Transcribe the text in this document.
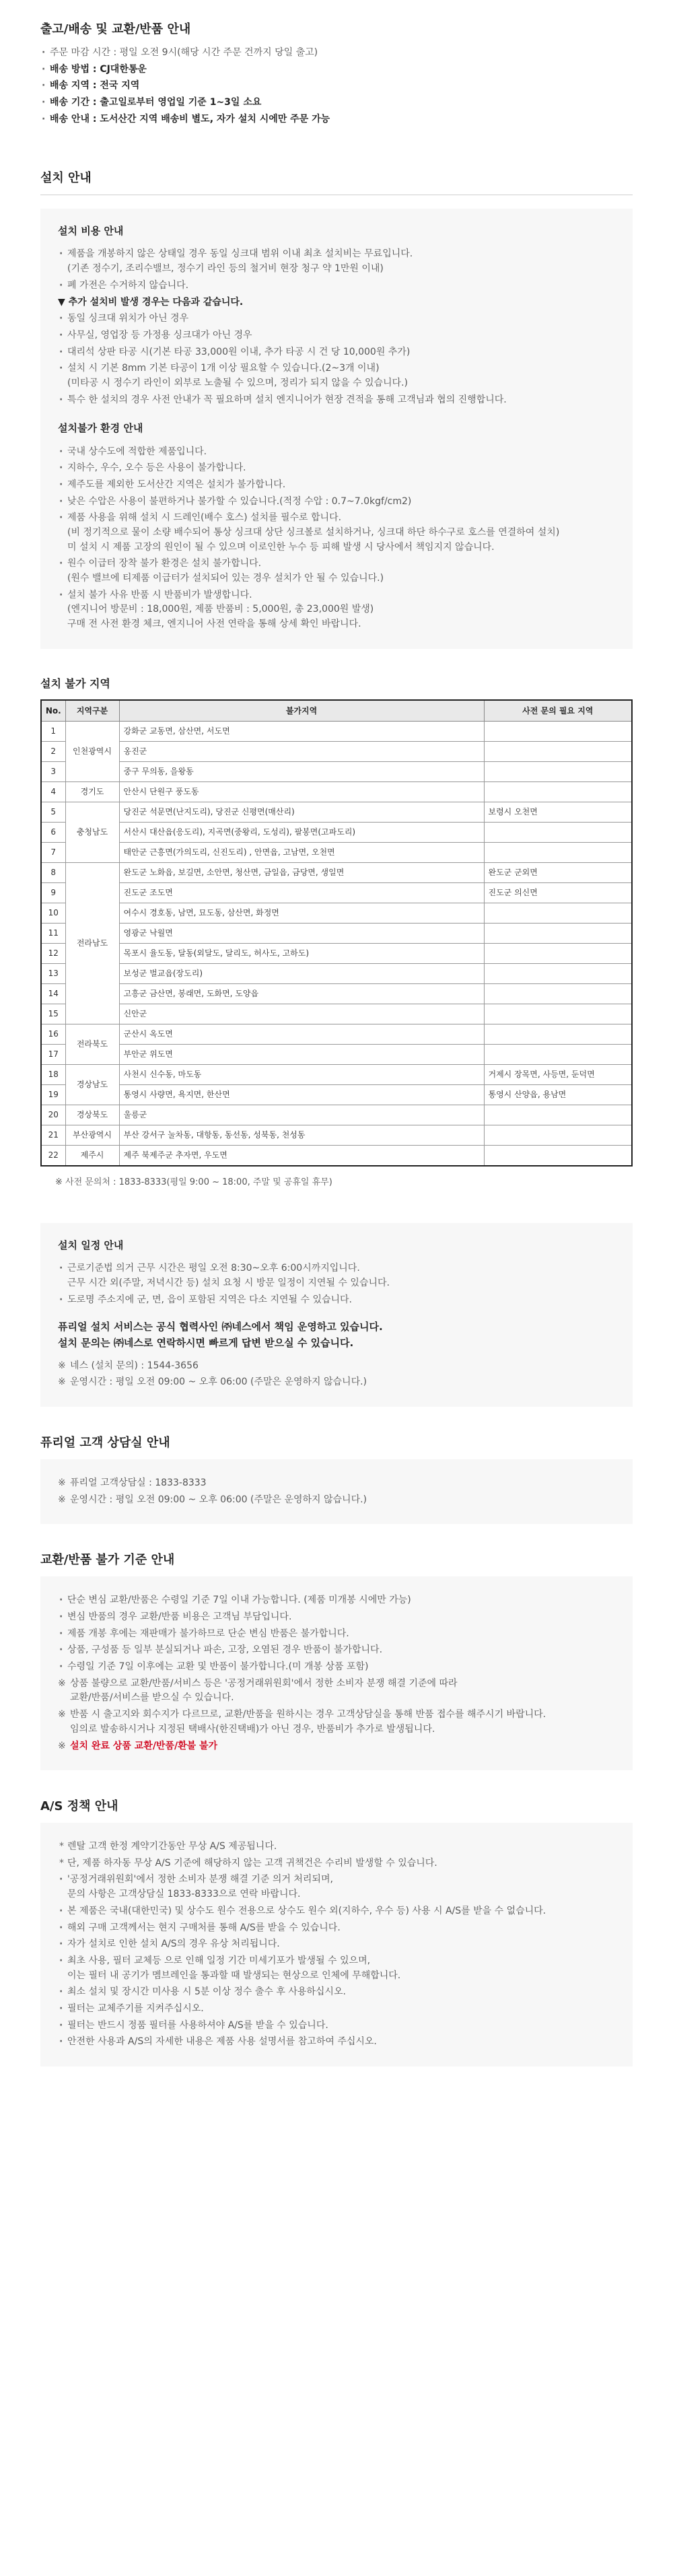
출고/배송 및 교환/반품 안내
· 주문 마감 시간 : 평일 오전 9시(해당 시간 주문 건까지 당일 출고)
· 배송 방법 : CJ대한통운
· 배송 지역 : 전국 지역
· 배송 기간 : 출고일로부터 영업일 기준 1~3일 소요
· 배송 안내 : 도서산간 지역 배송비 별도, 자가 설치 시에만 주문 가능
설치 안내
설치 비용 안내
· 제품을 개봉하지 않은 상태일 경우 동일 싱크대 범위 이내 최초 설치비는 무료입니다.
(기존 정수기, 조리수밸브, 정수기 라인 등의 철거비 현장 청구 약 1만원 이내)
· 폐 가전은 수거하지 않습니다.
▼ 추가 설치비 발생 경우는 다음과 같습니다.
· 동일 싱크대 위치가 아닌 경우
· 사무실, 영업장 등 가정용 싱크대가 아닌 경우
· 대리석 상판 타공 시(기본 타공 33,000원 이내, 추가 타공 시 건 당 10,000원 추가)
· 설치 시 기본 8mm 기본 타공이 1개 이상 필요할 수 있습니다.(2~3개 이내)
(미타공 시 정수기 라인이 외부로 노출될 수 있으며, 정리가 되지 않을 수 있습니다.)
· 특수 한 설치의 경우 사전 안내가 꼭 필요하며 설치 엔지니어가 현장 견적을 통해 고객님과 협의 진행합니다.
설치불가 환경 안내
· 국내 상수도에 적합한 제품입니다.
· 지하수, 우수, 오수 등은 사용이 불가합니다.
· 제주도를 제외한 도서산간 지역은 설치가 불가합니다.
· 낮은 수압은 사용이 불편하거나 불가할 수 있습니다.(적정 수압 : 0.7~7.0kgf/cm2)
· 제품 사용을 위해 설치 시 드레인(배수 호스) 설치를 필수로 합니다.
(비 정기적으로 물이 소량 배수되어 통상 싱크대 상단 싱크볼로 설치하거나, 싱크대 하단 하수구로 호스를 연결하여 설치)
미 설치 시 제품 고장의 원인이 될 수 있으며 이로인한 누수 등 피해 발생 시 당사에서 책임지지 않습니다.
· 원수 이급터 장착 불가 환경은 설치 불가합니다.
(원수 밸브에 티제품 이급터가 설치되어 있는 경우 설치가 안 될 수 있습니다.)
· 설치 불가 사유 반품 시 반품비가 발생합니다.
(엔지니어 방문비 : 18,000원, 제품 반품비 : 5,000원, 총 23,000원 발생)
구매 전 사전 환경 체크, 엔지니어 사전 연락을 통해 상세 확인 바랍니다.
설치 불가 지역
No.	지역구분	불가지역	사전 문의 필요 지역
1	인천광역시	강화군 교동면, 삼산면, 서도면	
2		옹진군	
3		중구 무의동, 을왕동	
4	경기도	안산시 단원구 풍도동	
5	충청남도	당진군 석문면(난지도리), 당진군 신평면(매산리)	보령시 오천면
6		서산시 대산읍(응도리), 지곡면(중왕리, 도성리), 팔봉면(고파도리)	
7		태안군 근흥면(가의도리, 신진도리) , 안면읍, 고남면, 오천면	
8	전라남도	완도군 노화읍, 보길면, 소안면, 청산면, 금일읍, 금당면, 생일면	완도군 군외면
9		진도군 조도면	진도군 의신면
10		여수시 경호동, 남면, 묘도동, 삼산면, 화정면	
11		영광군 낙월면	
12		목포시 율도동, 달동(외달도, 달리도, 허사도, 고하도)	
13		보성군 벌교읍(장도리)	
14		고흥군 금산면, 봉래면, 도화면, 도양읍	
15		신안군	
16	전라북도	군산시 옥도면	
17		부안군 위도면	
18	경상남도	사천시 신수동, 마도동	거제시 장목면, 사등면, 둔덕면
19		통영시 사량면, 욕지면, 한산면	통영시 산양읍, 용남면
20	경상북도	울릉군	
21	부산광역시	부산 강서구 눌차동, 대항동, 동선동, 성북동, 천성동	
22	제주시	제주 북제주군 추자면, 우도면	

※ 사전 문의처 : 1833-8333(평일 9:00 ~ 18:00, 주말 및 공휴일 휴무)

설치 일정 안내
· 근로기준법 의거 근무 시간은 평일 오전 8:30~오후 6:00시까지입니다.
근무 시간 외(주말, 저녁시간 등) 설치 요청 시 방문 일정이 지연될 수 있습니다.
· 도로명 주소지에 군, 면, 읍이 포함된 지역은 다소 지연될 수 있습니다.

퓨리얼 설치 서비스는 공식 협력사인 ㈜네스에서 책임 운영하고 있습니다.
설치 문의는 ㈜네스로 연락하시면 빠르게 답변 받으실 수 있습니다.

※ 네스 (설치 문의) : 1544-3656
※ 운영시간 : 평일 오전 09:00 ~ 오후 06:00 (주말은 운영하지 않습니다.)
퓨리얼 고객 상담실 안내
※ 퓨리얼 고객상담실 : 1833-8333
※ 운영시간 : 평일 오전 09:00 ~ 오후 06:00 (주말은 운영하지 않습니다.)
교환/반품 불가 기준 안내
· 단순 변심 교환/반품은 수령일 기준 7일 이내 가능합니다. (제품 미개봉 시에만 가능)
· 변심 반품의 경우 교환/반품 비용은 고객님 부담입니다.
· 제품 개봉 후에는 재판매가 불가하므로 단순 변심 반품은 불가합니다.
· 상품, 구성품 등 일부 분실되거나 파손, 고장, 오염된 경우 반품이 불가합니다.
· 수령일 기준 7일 이후에는 교환 및 반품이 불가합니다.(미 개봉 상품 포함)
※ 상품 불량으로 교환/반품/서비스 등은 '공정거래위원회'에서 정한 소비자 분쟁 해결 기준에 따라
교환/반품/서비스를 받으실 수 있습니다.
※ 반품 시 출고지와 회수지가 다르므로, 교환/반품을 원하시는 경우 고객상담실을 통해 반품 접수를 해주시기 바랍니다.
임의로 발송하시거나 지정된 택배사(한진택배)가 아닌 경우, 반품비가 추가로 발생됩니다.
※ 설치 완료 상품 교환/반품/환불 불가
A/S 정책 안내
* 렌탈 고객 한정 계약기간동안 무상 A/S 제공됩니다.
* 단, 제품 하자동 무상 A/S 기준에 해당하지 않는 고객 귀책건은 수리비 발생할 수 있습니다.
· '공정거래위원회'에서 정한 소비자 분쟁 해결 기준 의거 처리되며,
문의 사항은 고객상담실 1833-8333으로 연락 바랍니다.
· 본 제품은 국내(대한민국) 및 상수도 원수 전용으로 상수도 원수 외(지하수, 우수 등) 사용 시 A/S를 받을 수 없습니다.
· 해외 구매 고객께서는 현지 구매처를 통해 A/S를 받을 수 있습니다.
· 자가 설치로 인한 설치 A/S의 경우 유상 처리됩니다.
· 최초 사용, 필터 교체등 으로 인해 일정 기간 미세기포가 발생될 수 있으며,
이는 필터 내 공기가 멤브레인을 통과할 때 발생되는 현상으로 인체에 무해합니다.
· 최소 설치 및 장시간 미사용 시 5분 이상 정수 출수 후 사용하십시오.
· 필터는 교체주기를 지켜주십시오.
· 필터는 반드시 정품 필터를 사용하셔야 A/S를 받을 수 있습니다.
· 안전한 사용과 A/S의 자세한 내용은 제품 사용 설명서를 참고하여 주십시오.
